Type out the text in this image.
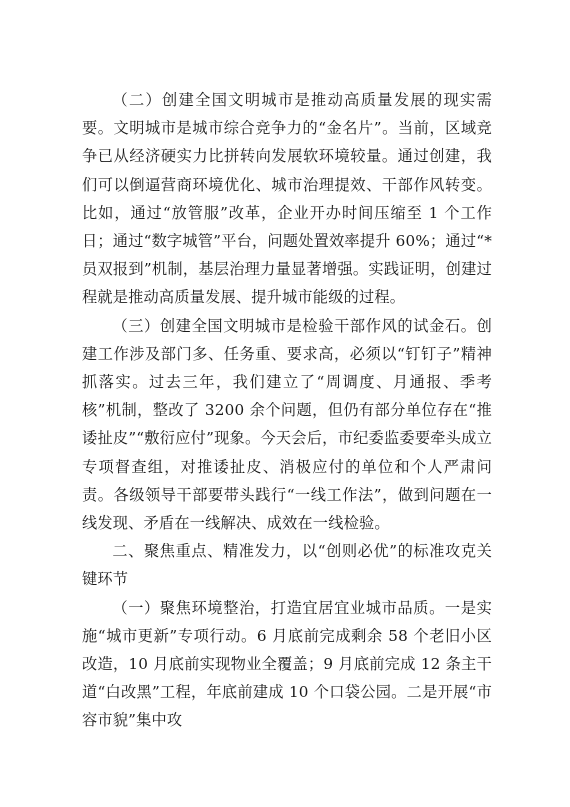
（二）创建全国文明城市是推动高质量发展的现实需要。文明城市是城市综合竞争力的“金名片”。当前，区域竞争已从经济硬实力比拼转向发展软环境较量。通过创建，我们可以倒逼营商环境优化、城市治理提效、干部作风转变。比如，通过“放管服”改革，企业开办时间压缩至 1 个工作日；通过“数字城管”平台，问题处置效率提升 60%；通过“*员双报到”机制，基层治理力量显著增强。实践证明，创建过程就是推动高质量发展、提升城市能级的过程。

（三）创建全国文明城市是检验干部作风的试金石。创建工作涉及部门多、任务重、要求高，必须以“钉钉子”精神抓落实。过去三年，我们建立了“周调度、月通报、季考核”机制，整改了 3200 余个问题，但仍有部分单位存在“推诿扯皮”“敷衍应付”现象。今天会后，市纪委监委要牵头成立专项督查组，对推诿扯皮、消极应付的单位和个人严肃问责。各级领导干部要带头践行“一线工作法”，做到问题在一线发现、矛盾在一线解决、成效在一线检验。

二、聚焦重点、精准发力，以“创则必优”的标准攻克关键环节

（一）聚焦环境整治，打造宜居宜业城市品质。一是实施“城市更新”专项行动。6 月底前完成剩余 58 个老旧小区改造，10 月底前实现物业全覆盖；9 月底前完成 12 条主干道“白改黑”工程，年底前建成 10 个口袋公园。二是开展“市容市貌”集中攻
